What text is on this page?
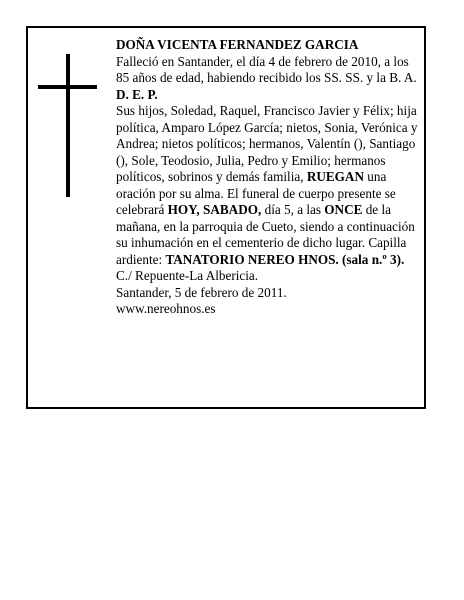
DOÑA VICENTA FERNANDEZ GARCIA

Falleció en Santander, el día 4 de febrero de 2010, a los 85 años de edad, habiendo recibido los SS. SS. y la B. A.

D. E. P.

Sus hijos, Soledad, Raquel, Francisco Javier y Félix; hija política, Amparo López García; nietos, Sonia, Verónica y Andrea; nietos políticos; hermanos, Valentín (), Santiago (), Sole, Teodosio, Julia, Pedro y Emilio; hermanos políticos, sobrinos y demás familia, RUEGAN una oración por su alma. El funeral de cuerpo presente se celebrará HOY, SABADO, día 5, a las ONCE de la mañana, en la parroquia de Cueto, siendo a continuación su inhumación en el cementerio de dicho lugar. Capilla ardiente: TANATORIO NEREO HNOS. (sala n.º 3). C./ Repuente-La Albericia.

Santander, 5 de febrero de 2011.

www.nereohnos.es
